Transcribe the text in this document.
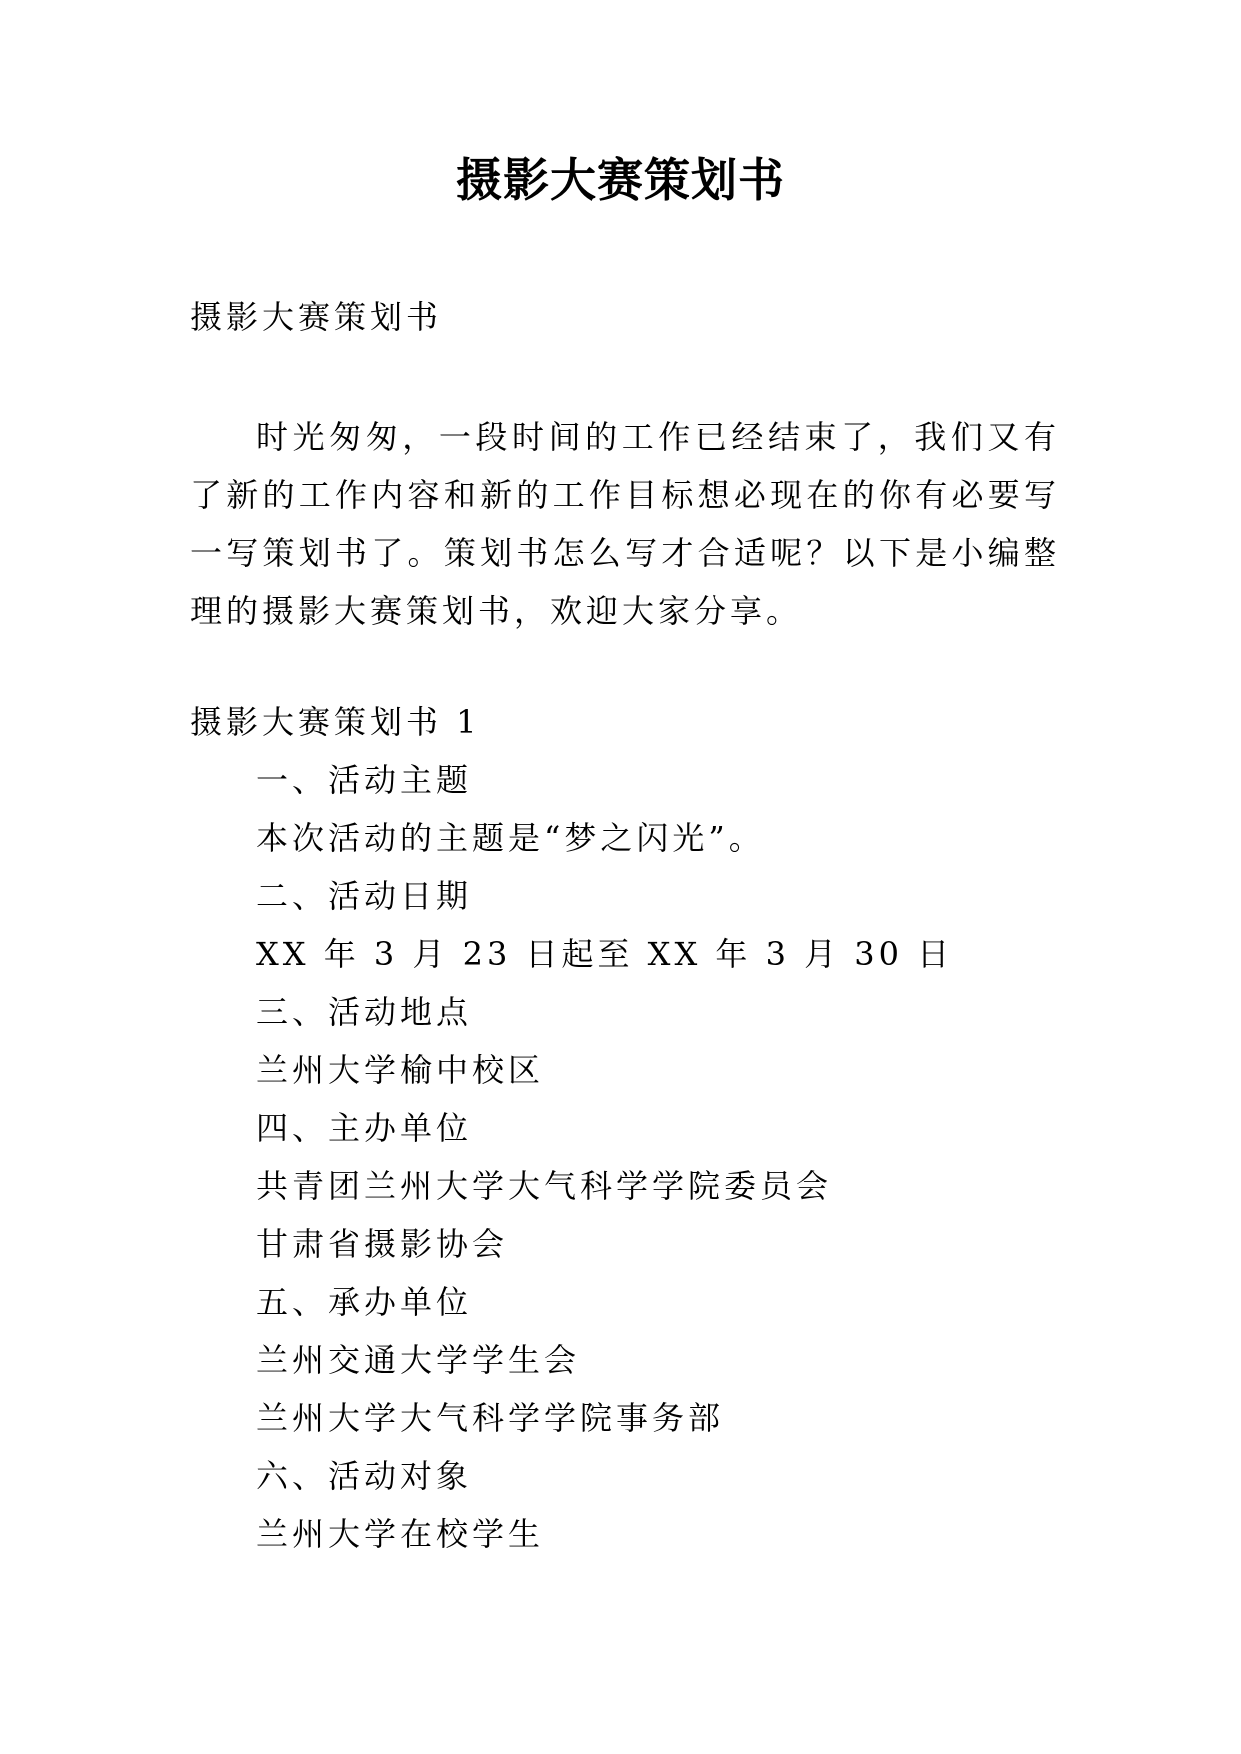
摄影大赛策划书
摄影大赛策划书
时光匆匆，一段时间的工作已经结束了，我们又有了新的工作内容和新的工作目标想必现在的你有必要写一写策划书了。策划书怎么写才合适呢？以下是小编整理的摄影大赛策划书，欢迎大家分享。
摄影大赛策划书 1
一、活动主题
本次活动的主题是“梦之闪光”。
二、活动日期
XX 年 3 月 23 日起至 XX 年 3 月 30 日
三、活动地点
兰州大学榆中校区
四、主办单位
共青团兰州大学大气科学学院委员会
甘肃省摄影协会
五、承办单位
兰州交通大学学生会
兰州大学大气科学学院事务部
六、活动对象
兰州大学在校学生
